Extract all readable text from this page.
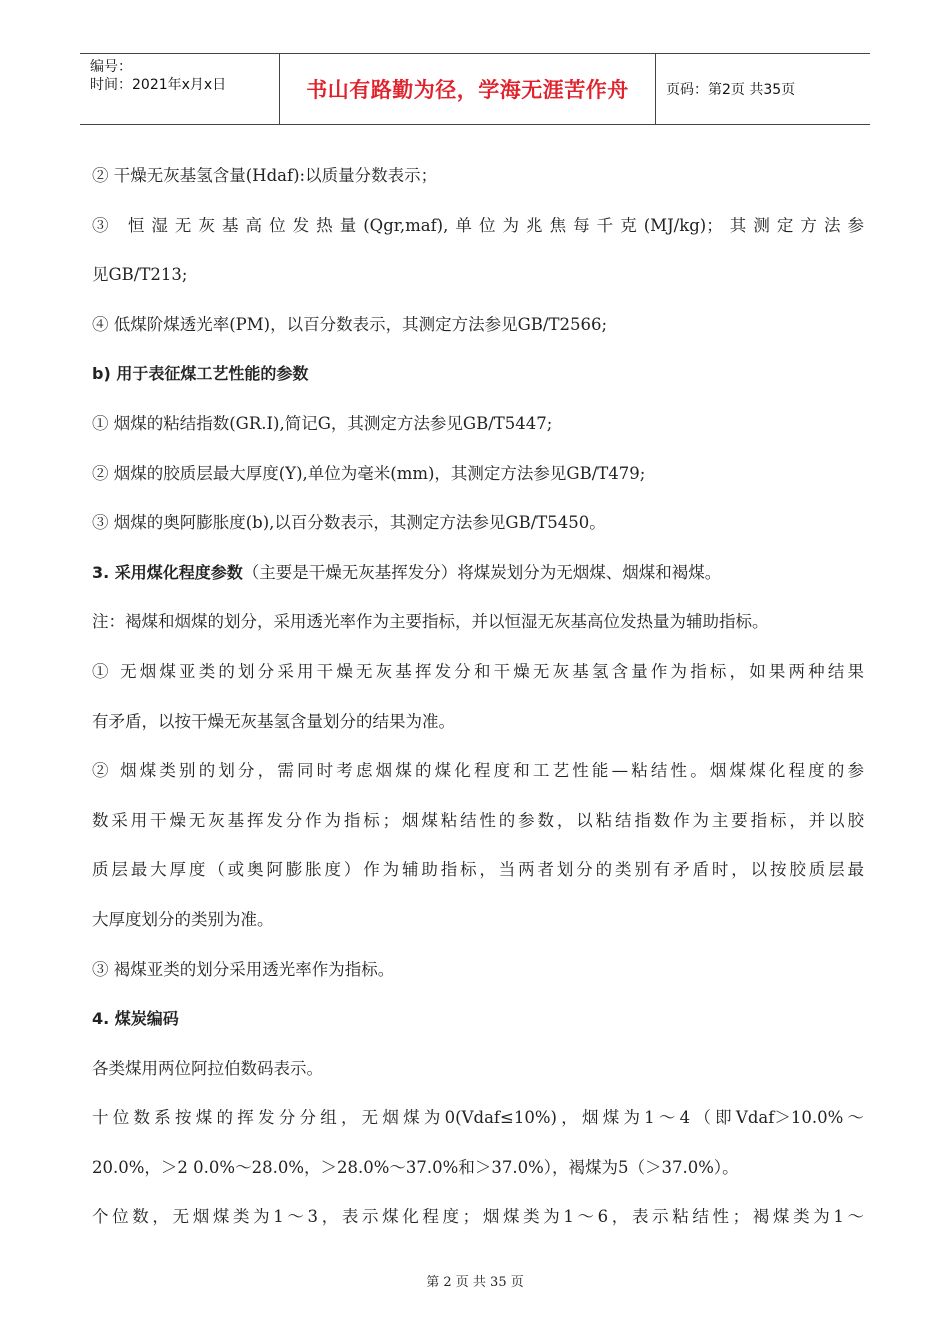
编号：
时间：2021年x月x日	书山有路勤为径，学海无涯苦作舟	页码：第2页 共35页
② 干燥无灰基氢含量(Hdaf):以质量分数表示；
③ 恒湿无灰基高位发热量(Qgr,maf),单位为兆焦每千克(MJ/kg)；其测定方法参
见GB/T213;
④ 低煤阶煤透光率(PM)，以百分数表示，其测定方法参见GB/T2566;
b) 用于表征煤工艺性能的参数
① 烟煤的粘结指数(GR.I),简记G，其测定方法参见GB/T5447;
② 烟煤的胶质层最大厚度(Y),单位为毫米(mm)，其测定方法参见GB/T479;
③ 烟煤的奥阿膨胀度(b),以百分数表示，其测定方法参见GB/T5450。
3. 采用煤化程度参数（主要是干燥无灰基挥发分）将煤炭划分为无烟煤、烟煤和褐煤。
注：褐煤和烟煤的划分，采用透光率作为主要指标，并以恒湿无灰基高位发热量为辅助指标。
① 无烟煤亚类的划分采用干燥无灰基挥发分和干燥无灰基氢含量作为指标，如果两种结果
有矛盾，以按干燥无灰基氢含量划分的结果为准。
② 烟煤类别的划分，需同时考虑烟煤的煤化程度和工艺性能—粘结性。烟煤煤化程度的参
数采用干燥无灰基挥发分作为指标；烟煤粘结性的参数，以粘结指数作为主要指标，并以胶
质层最大厚度（或奥阿膨胀度）作为辅助指标，当两者划分的类别有矛盾时，以按胶质层最
大厚度划分的类别为准。
③ 褐煤亚类的划分采用透光率作为指标。
4. 煤炭编码
各类煤用两位阿拉伯数码表示。
十位数系按煤的挥发分分组，无烟煤为0(Vdaf≤10%)，烟煤为1～4（即Vdaf＞10.0%～
20.0%，＞2 0.0%～28.0%，＞28.0%～37.0%和＞37.0%），褐煤为5（＞37.0%）。
个位数，无烟煤类为1～3，表示煤化程度；烟煤类为1～6，表示粘结性；褐煤类为1～
第 2 页 共 35 页
